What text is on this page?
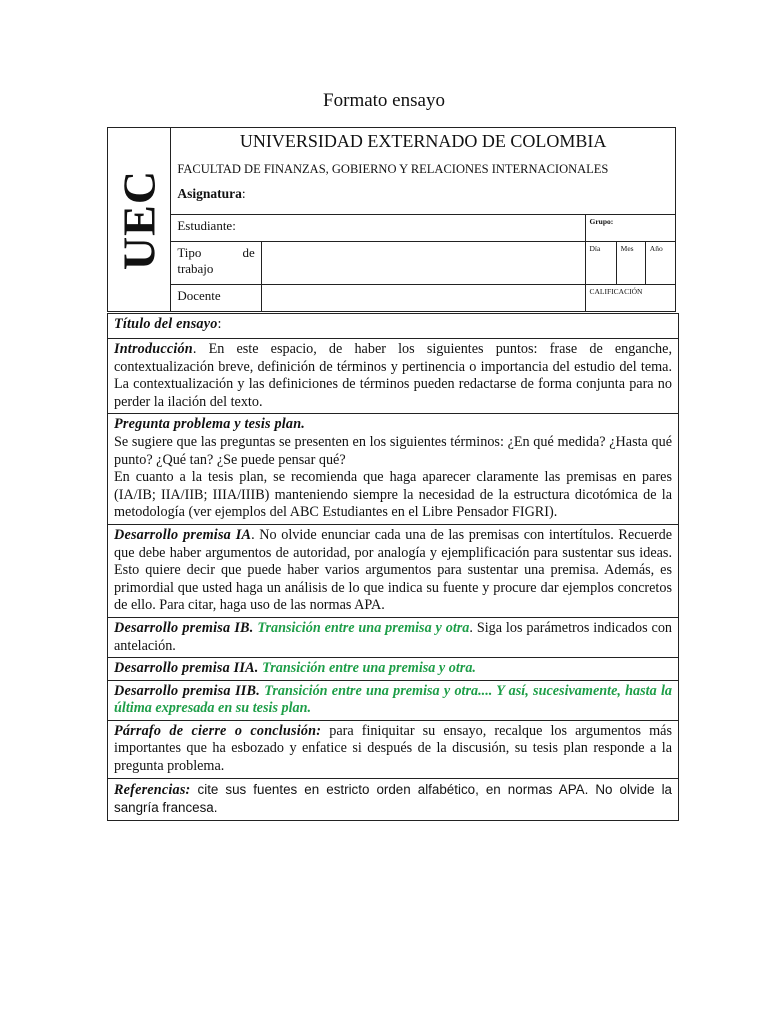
Formato ensayo
UEC	UNIVERSIDAD EXTERNADO DE COLOMBIA
FACULTAD DE FINANZAS, GOBIERNO Y RELACIONES INTERNACIONALES
Asignatura:				

	Estudiante:		Grupo:		

	Tipo de
trabajo		Día	Mes	Año
	Docente		CALIFICACIÓN		
Título del ensayo:
Introducción. En este espacio, de haber los siguientes puntos: frase de enganche, contextualización breve, definición de términos y pertinencia o importancia del estudio del tema. La contextualización y las definiciones de términos pueden redactarse de forma conjunta para no perder la ilación del texto.

Pregunta problema y tesis plan.
Se sugiere que las preguntas se presenten en los siguientes términos: ¿En qué medida? ¿Hasta qué punto? ¿Qué tan? ¿Se puede pensar qué?
En cuanto a la tesis plan, se recomienda que haga aparecer claramente las premisas en pares (IA/IB; IIA/IIB; IIIA/IIIB) manteniendo siempre la necesidad de la estructura dicotómica de la metodología (ver ejemplos del ABC Estudiantes en el Libre Pensador FIGRI).

Desarrollo premisa IA. No olvide enunciar cada una de las premisas con intertítulos. Recuerde que debe haber argumentos de autoridad, por analogía y ejemplificación para sustentar sus ideas. Esto quiere decir que puede haber varios argumentos para sustentar una premisa. Además, es primordial que usted haga un análisis de lo que indica su fuente y procure dar ejemplos concretos de ello. Para citar, haga uso de las normas APA.
Desarrollo premisa IB. Transición entre una premisa y otra. Siga los parámetros indicados con antelación.
Desarrollo premisa IIA. Transición entre una premisa y otra.
Desarrollo premisa IIB. Transición entre una premisa y otra.... Y así, sucesivamente, hasta la última expresada en su tesis plan.
Párrafo de cierre o conclusión: para finiquitar su ensayo, recalque los argumentos más importantes que ha esbozado y enfatice si después de la discusión, su tesis plan responde a la pregunta problema.
Referencias: cite sus fuentes en estricto orden alfabético, en normas APA. No olvide la sangría francesa.
